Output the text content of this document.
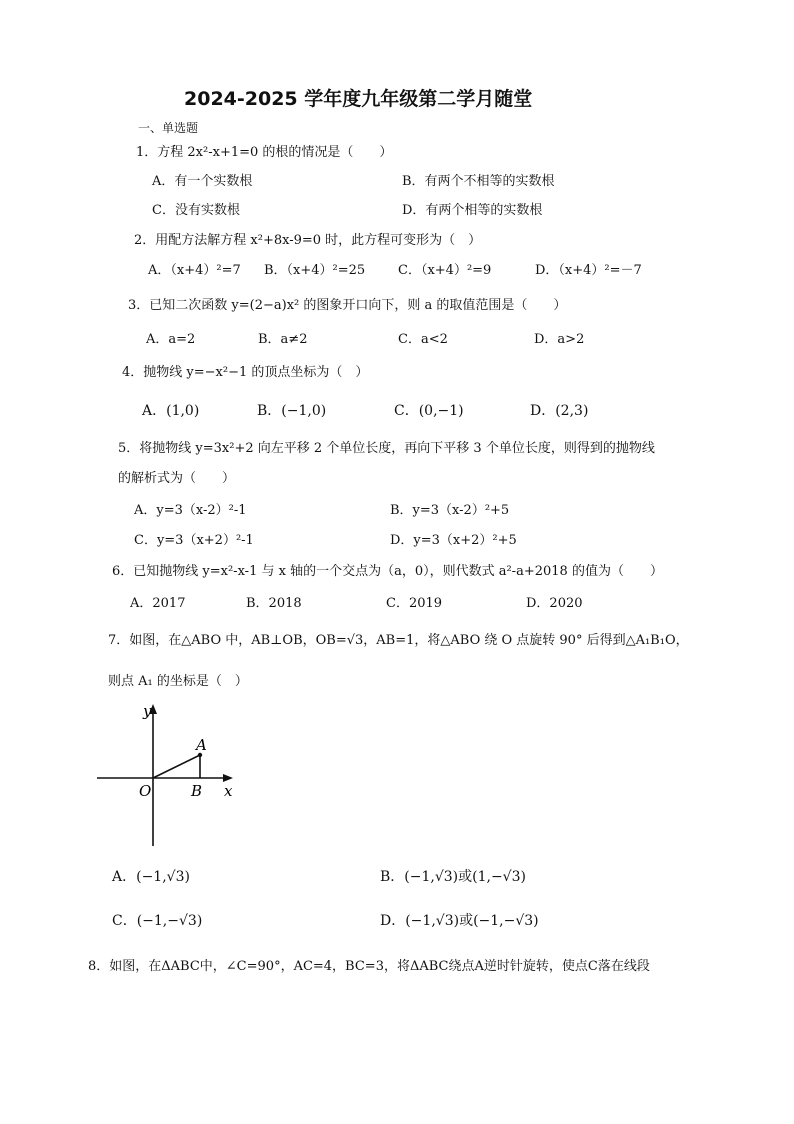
2024-2025 学年度九年级第二学月随堂
一、单选题
1．方程 2x²-x+1=0 的根的情况是（　　）
A．有一个实数根	B．有两个不相等的实数根
C．没有实数根	D．有两个相等的实数根
2．用配方法解方程 x²+8x-9=0 时，此方程可变形为（　）
A．（x+4）²=7 B．（x+4）²=25	C．（x+4）²=9	D．（x+4）²=－7
3．已知二次函数 y=(2−a)x² 的图象开口向下，则 a 的取值范围是（　　）
A．a=2	B．a≠2	C．a<2	D．a>2
4．抛物线 y=−x²−1 的顶点坐标为（　）
A．(1,0)	B．(−1,0)	C．(0,−1)	D．(2,3)
5．将抛物线 y=3x²+2 向左平移 2 个单位长度，再向下平移 3 个单位长度，则得到的抛物线
的解析式为（　　）
A．y=3（x-2）²-1	B．y=3（x-2）²+5
C．y=3（x+2）²-1	D．y=3（x+2）²+5
6．已知抛物线 y=x²-x-1 与 x 轴的一个交点为（a，0），则代数式 a²-a+2018 的值为（　　）
A．2017	B．2018	C．2019	D．2020
7．如图，在△ABO 中，AB⊥OB，OB=√3，AB=1，将△ABO 绕 O 点旋转 90° 后得到△A₁B₁O，
则点 A₁ 的坐标是（　）
y
x
O	B
A
A．(−1,√3)	B．(−1,√3)或(1,−√3)
C．(−1,−√3)	D．(−1,√3)或(−1,−√3)
8．如图，在ΔABC中，∠C=90°，AC=4，BC=3，将ΔABC绕点A逆时针旋转，使点C落在线段
